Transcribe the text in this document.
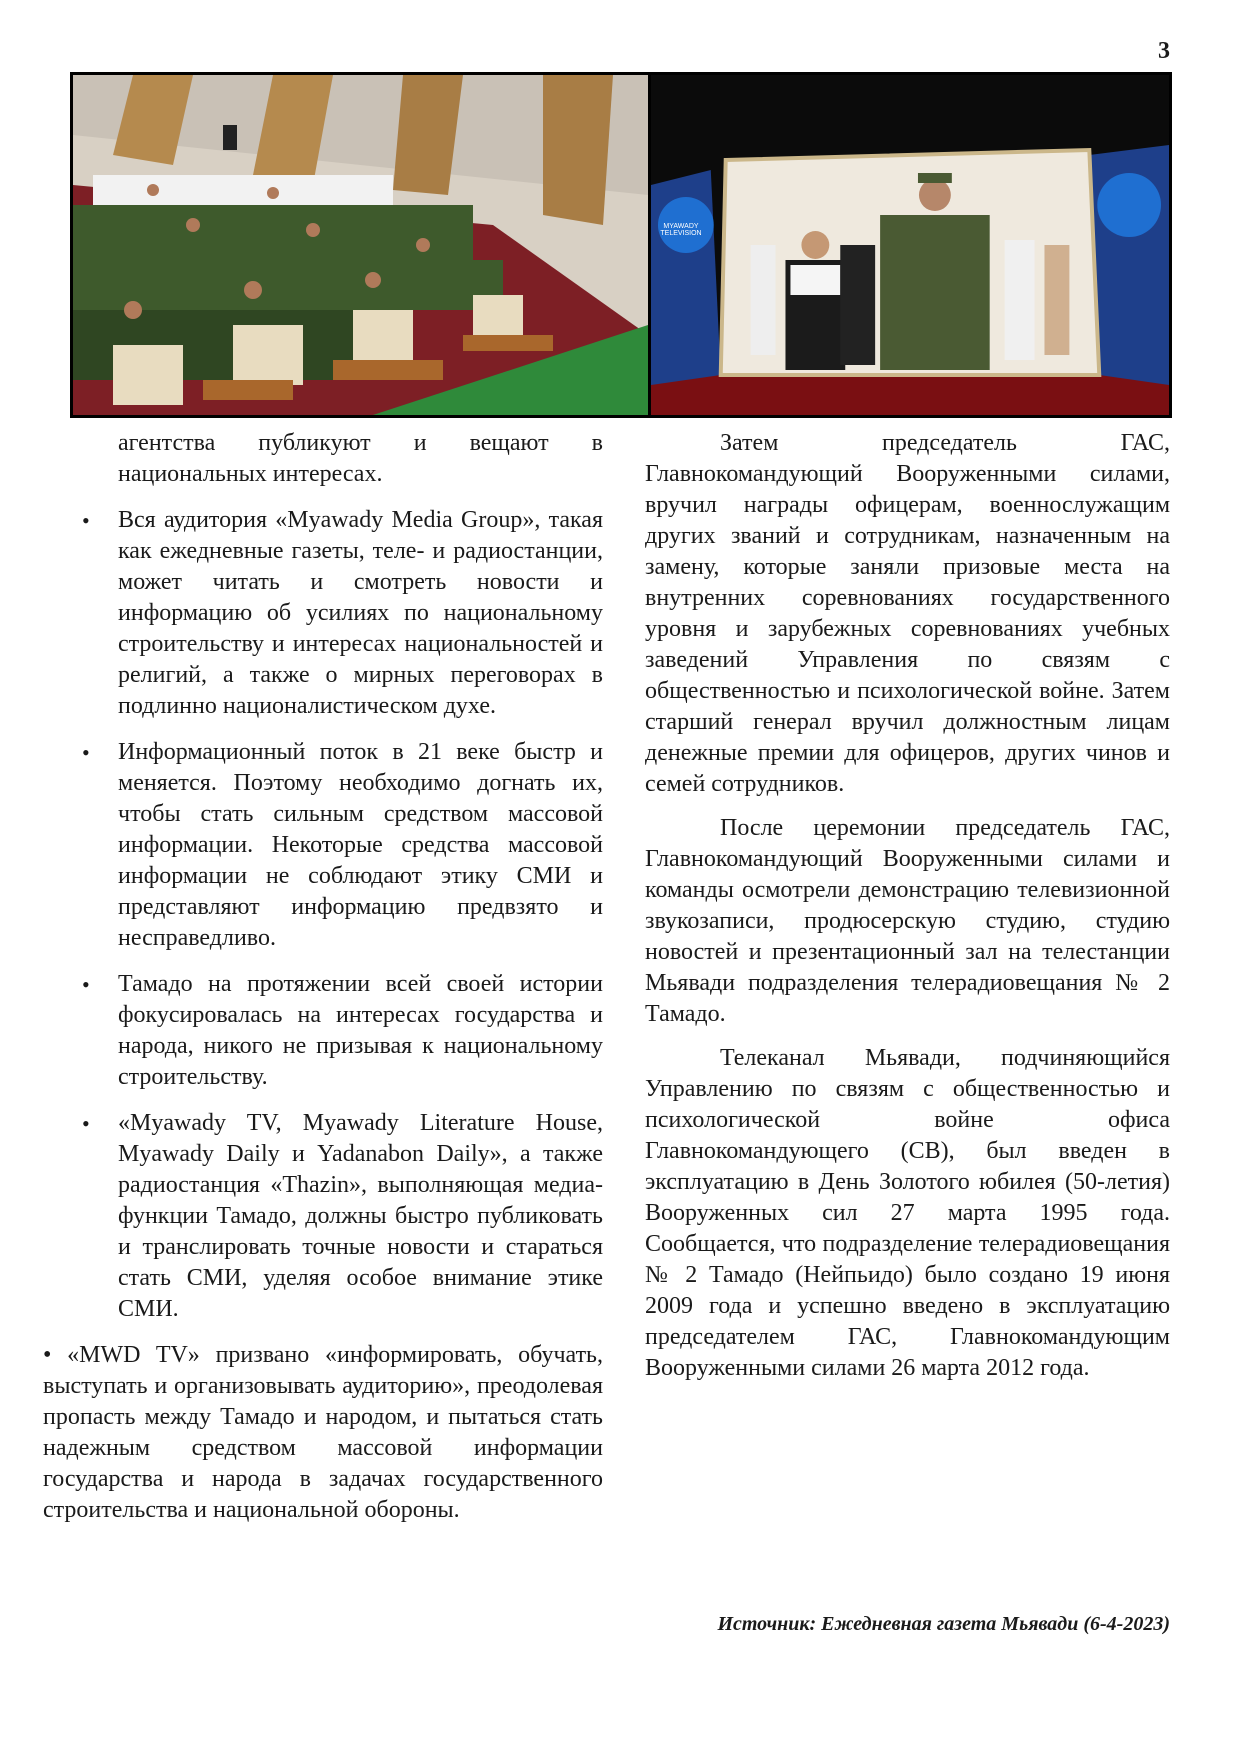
3
MYAWADY TELEVISION

агентства публикуют и вещают в национальных интересах.

• Вся аудитория «Myawady Media Group», такая как ежедневные газеты, теле- и радиостанции, может читать и смотреть новости и информацию об усилиях по национальному строительству и интересах национальностей и религий, а также о мирных переговорах в подлинно националистическом духе.
• Информационный поток в 21 веке быстр и меняется. Поэтому необходимо догнать их, чтобы стать сильным средством массовой информации. Некоторые средства массовой информации не соблюдают этику СМИ и представляют информацию предвзято и несправедливо.
• Тамадо на протяжении всей своей истории фокусировалась на интересах государства и народа, никого не призывая к национальному строительству.
• «Myawady TV, Myawady Literature House, Myawady Daily и Yadanabon Daily», а также радиостанция «Thazin», выполняющая медиа-функции Тамадо, должны быстро публиковать и транслировать точные новости и стараться стать СМИ, уделяя особое внимание этике СМИ.

• «MWD TV» призвано «информировать, обучать, выступать и организовывать аудиторию», преодолевая пропасть между Тамадо и народом, и пытаться стать надежным средством массовой информации государства и народа в задачах государственного строительства и национальной обороны.

Затем председатель ГАС, Главнокомандующий Вооруженными силами, вручил награды офицерам, военнослужащим других званий и сотрудникам, назначенным на замену, которые заняли призовые места на внутренних соревнованиях государственного уровня и зарубежных соревнованиях учебных заведений Управления по связям с общественностью и психологической войне. Затем старший генерал вручил должностным лицам денежные премии для офицеров, других чинов и семей сотрудников.

После церемонии председатель ГАС, Главнокомандующий Вооруженными силами и команды осмотрели демонстрацию телевизионной звукозаписи, продюсерскую студию, студию новостей и презентационный зал на телестанции Мьявади подразделения телерадиовещания № 2 Тамадо.

Телеканал Мьявади, подчиняющийся Управлению по связям с общественностью и психологической войне офиса Главнокомандующего (СВ), был введен в эксплуатацию в День Золотого юбилея (50-летия) Вооруженных сил 27 марта 1995 года. Сообщается, что подразделение телерадиовещания № 2 Тамадо (Нейпьидо) было создано 19 июня 2009 года и успешно введено в эксплуатацию председателем ГАС, Главнокомандующим Вооруженными силами 26 марта 2012 года.

Источник: Ежедневная газета Мьявади (6-4-2023)
